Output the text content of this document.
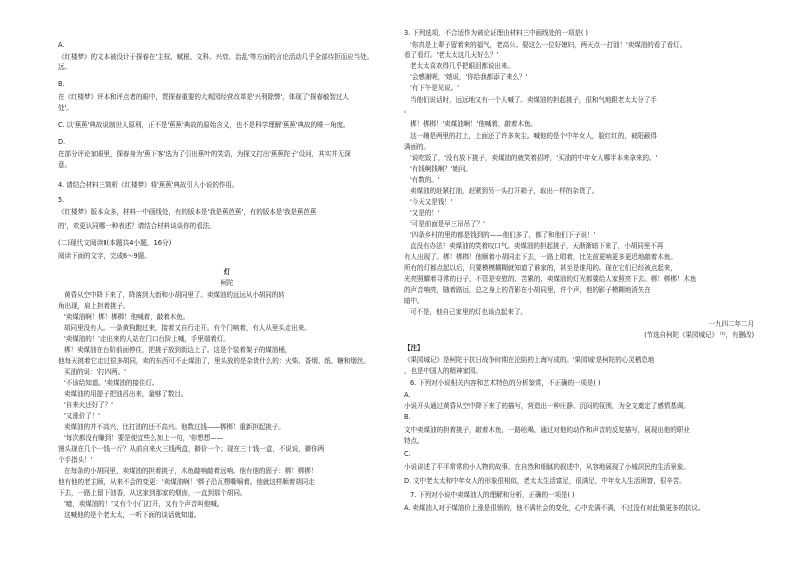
A.
《红楼梦》的文本被设计于探春在'主权、赋税、文科、兴衰、治乱'等方面的言论活动几乎全部待拒而应当处。
远。
B.
在《红楼梦》评本和评点者的眼中，贾探春重要的大观园经营改革是'兴利除弊'，体现了'探春敏智过人
处'。
C. 以'蕉蕉'典故说制世人原利，正不是'蕉蕉'典故的原始含义，也不是科学理解'蕉蕉'典故的唯一角度。
D.
在部分评论家眼里，探春身为'蕉下客'选为了引出蕉叶的笑语，为探文打出'蕉蕉陀子'设问，其实并无深
意。
4. 请结合材料三简析《红楼梦》将'蕉蕉'典故引入小说的作用。
5.
《红楼梦》版本众多，材料一中画线处，有的版本是'我是蕉芭蕉'，有的版本是'我是蕉芭蕉
的'，欢更认同哪一种表述？请结合材料谈谈你的看法。
(二)现代文阅读Ⅱ(本题共4小题，16分)
阅读下面的文字，完成6～9题。
灯
柯陀
黄昏从空中降下来了，降落到大街和小胡同里了。卖煤油的远远从小胡同的转
角出现，肩上担着挑子。
'卖煤油啊！梆！梆梆！他喊着，敲着木鱼。
胡同里没有人。一条黄狗跑过来，接着又自行走开。有个门响着，有人从里头走出来。
'卖煤油的！'走出来的人站在门口台阶上喊，手里端着灯。
梆！卖煤油在台阶前面停住，把挑子放到街边上了。这是个装着架子的煤油桶，
他每天挑着它走过很多胡同，卖的东西可不止煤油了，里头放的是杂货什么的：火柴、香烟、纸、糖和烟丝。
买油的说：'打四两。'
'不该给知道。'卖煤油的接住灯。
卖煤油的用提子把油舀出来，量够了数目。
'自来火还好了？'
'又涨价了！'
卖煤油的并不高兴，比打油的还不高兴。他数过钱——梆梆！重新担起挑子。
'每次都没有赚到！要是便宜些么加上一句，'你想想——
馒头现在几个一钱一斤？从前自来火三钱两盒，擗价一个；现在三十钱一盒，不说说，擗你两
个手指头！'
在每条的小胡同里，卖煤油的担着挑子，木鱼敲响敲着远响。他有他的固子：梆！梆梆！
他有他的老主顾，从来不会的变更：'卖煤油啊！'梆子沿瓦楞嘶嗝着。他就这样顺着胡同走
下去，一路上留下油香，从这家到那家的烟囱，一直到那个胡同。
'噫，卖煤油的！'又有个小门打开，又有个声音叫他喊。
这喊他的是个老太太，一听下面的谈话就知道。
3. 下列选项，不合适作为被论证理由材料三中画线处的一项是( )
'你真是上辈子留着来的福气，老高公。娶这么一位好媳妇，两天点一打油！'卖煤油的看了看灯。
看了看灯。'老太太这几天好么？'
老太太喜欢得几乎把眼泪都说出来。
'会感谢呢，'她说，'你给我都添了来么？'
'有下午是见说。'
当他们说话时，远远地又有一个人喊了。卖煤油的担起挑子，很和气地跟老太太分了手
。
梆！梆梆！'卖煤油啊！'他喊着，敲着木鱼。
这一趟是两里的打上，上面还了许多灰尘。喊他的是个中年女人，脸红红的，被阳蔽得
满面的。
'说吃饭了，'没有放下挑子，卖煤油的就笑着招呼，'买油的中年女人哪半本来拿来的。'
'有钱啊钱啊？'她问。
'有数的。'
卖煤油的赶紧打油，赶紧到另一头打开箱子，取出一样的杂货了。
'今天又是钱！'
'又是的！'
'可是前面是早三吊吊了？'
'四条乡村的里的都是钱到的——他们多了，都了和他们下子说！'
直没有办法！卖煤油的笑着叹口气。卖煤油的担起挑子，天渐渐暗下来了，小胡同里不再
有人出现了。梆！梆梆！他顺着小胡同走下去，一路上唱着，比先前更响更多更迟地敲着木鱼。
所有的灯都点起以后，只要模模糊糊就知道了谁家的，甚至是谁用的。现在它们已经被点起来，
光亮照耀着寻常的日子，不管是安慰的、苦累的，卖煤油的灯光都要给人家照亮下去。梆！梆梆！木鱼
的声音响亮，随着路远，总之身上的背影在小胡同里，许个声，他的影子模糊地消失在
暗中。
可不是，他自己家里的灯也该点起来了。
一九四二年二月
(节选自柯陀《果园城记》 ⁽¹⁾，有删改)
【注】
《果园城记》是柯陀于抗日战争时期在沦陷的上海写成的。'果园城'是柯陀的心灵栖息地
，也是中国人的精神家园。
6. 下列对小说相关内容和艺术特色的分析鉴赏，不正确的一项是( )
A.
小说开头通过黄昏从空中降下来了的描写，营造出一种庄静、沉闷的氛围，为全文奠定了感情基调。
B.
文中卖煤油的担着挑子，敲着木鱼，一路吆喝，通过对他的动作和声音的反复描写，展现出他的职业
特点。
C.
小说讲述了平平常常的小人物的故事，在自然和细腻的叙述中，从容地展现了小城居民的生活景象。
D. 文中老太太和中年女人的形象很相似，老太太生活富足，很满足，中年女人生活困窘，很辛苦。
7. 下列对小说中卖煤油人的理解和分析，正确的一项是( )
A. 卖煤油人对于煤油价上涨是很愤的，他不满社会的变化，心中充满不满，不过没有对此做更多的抗议。
